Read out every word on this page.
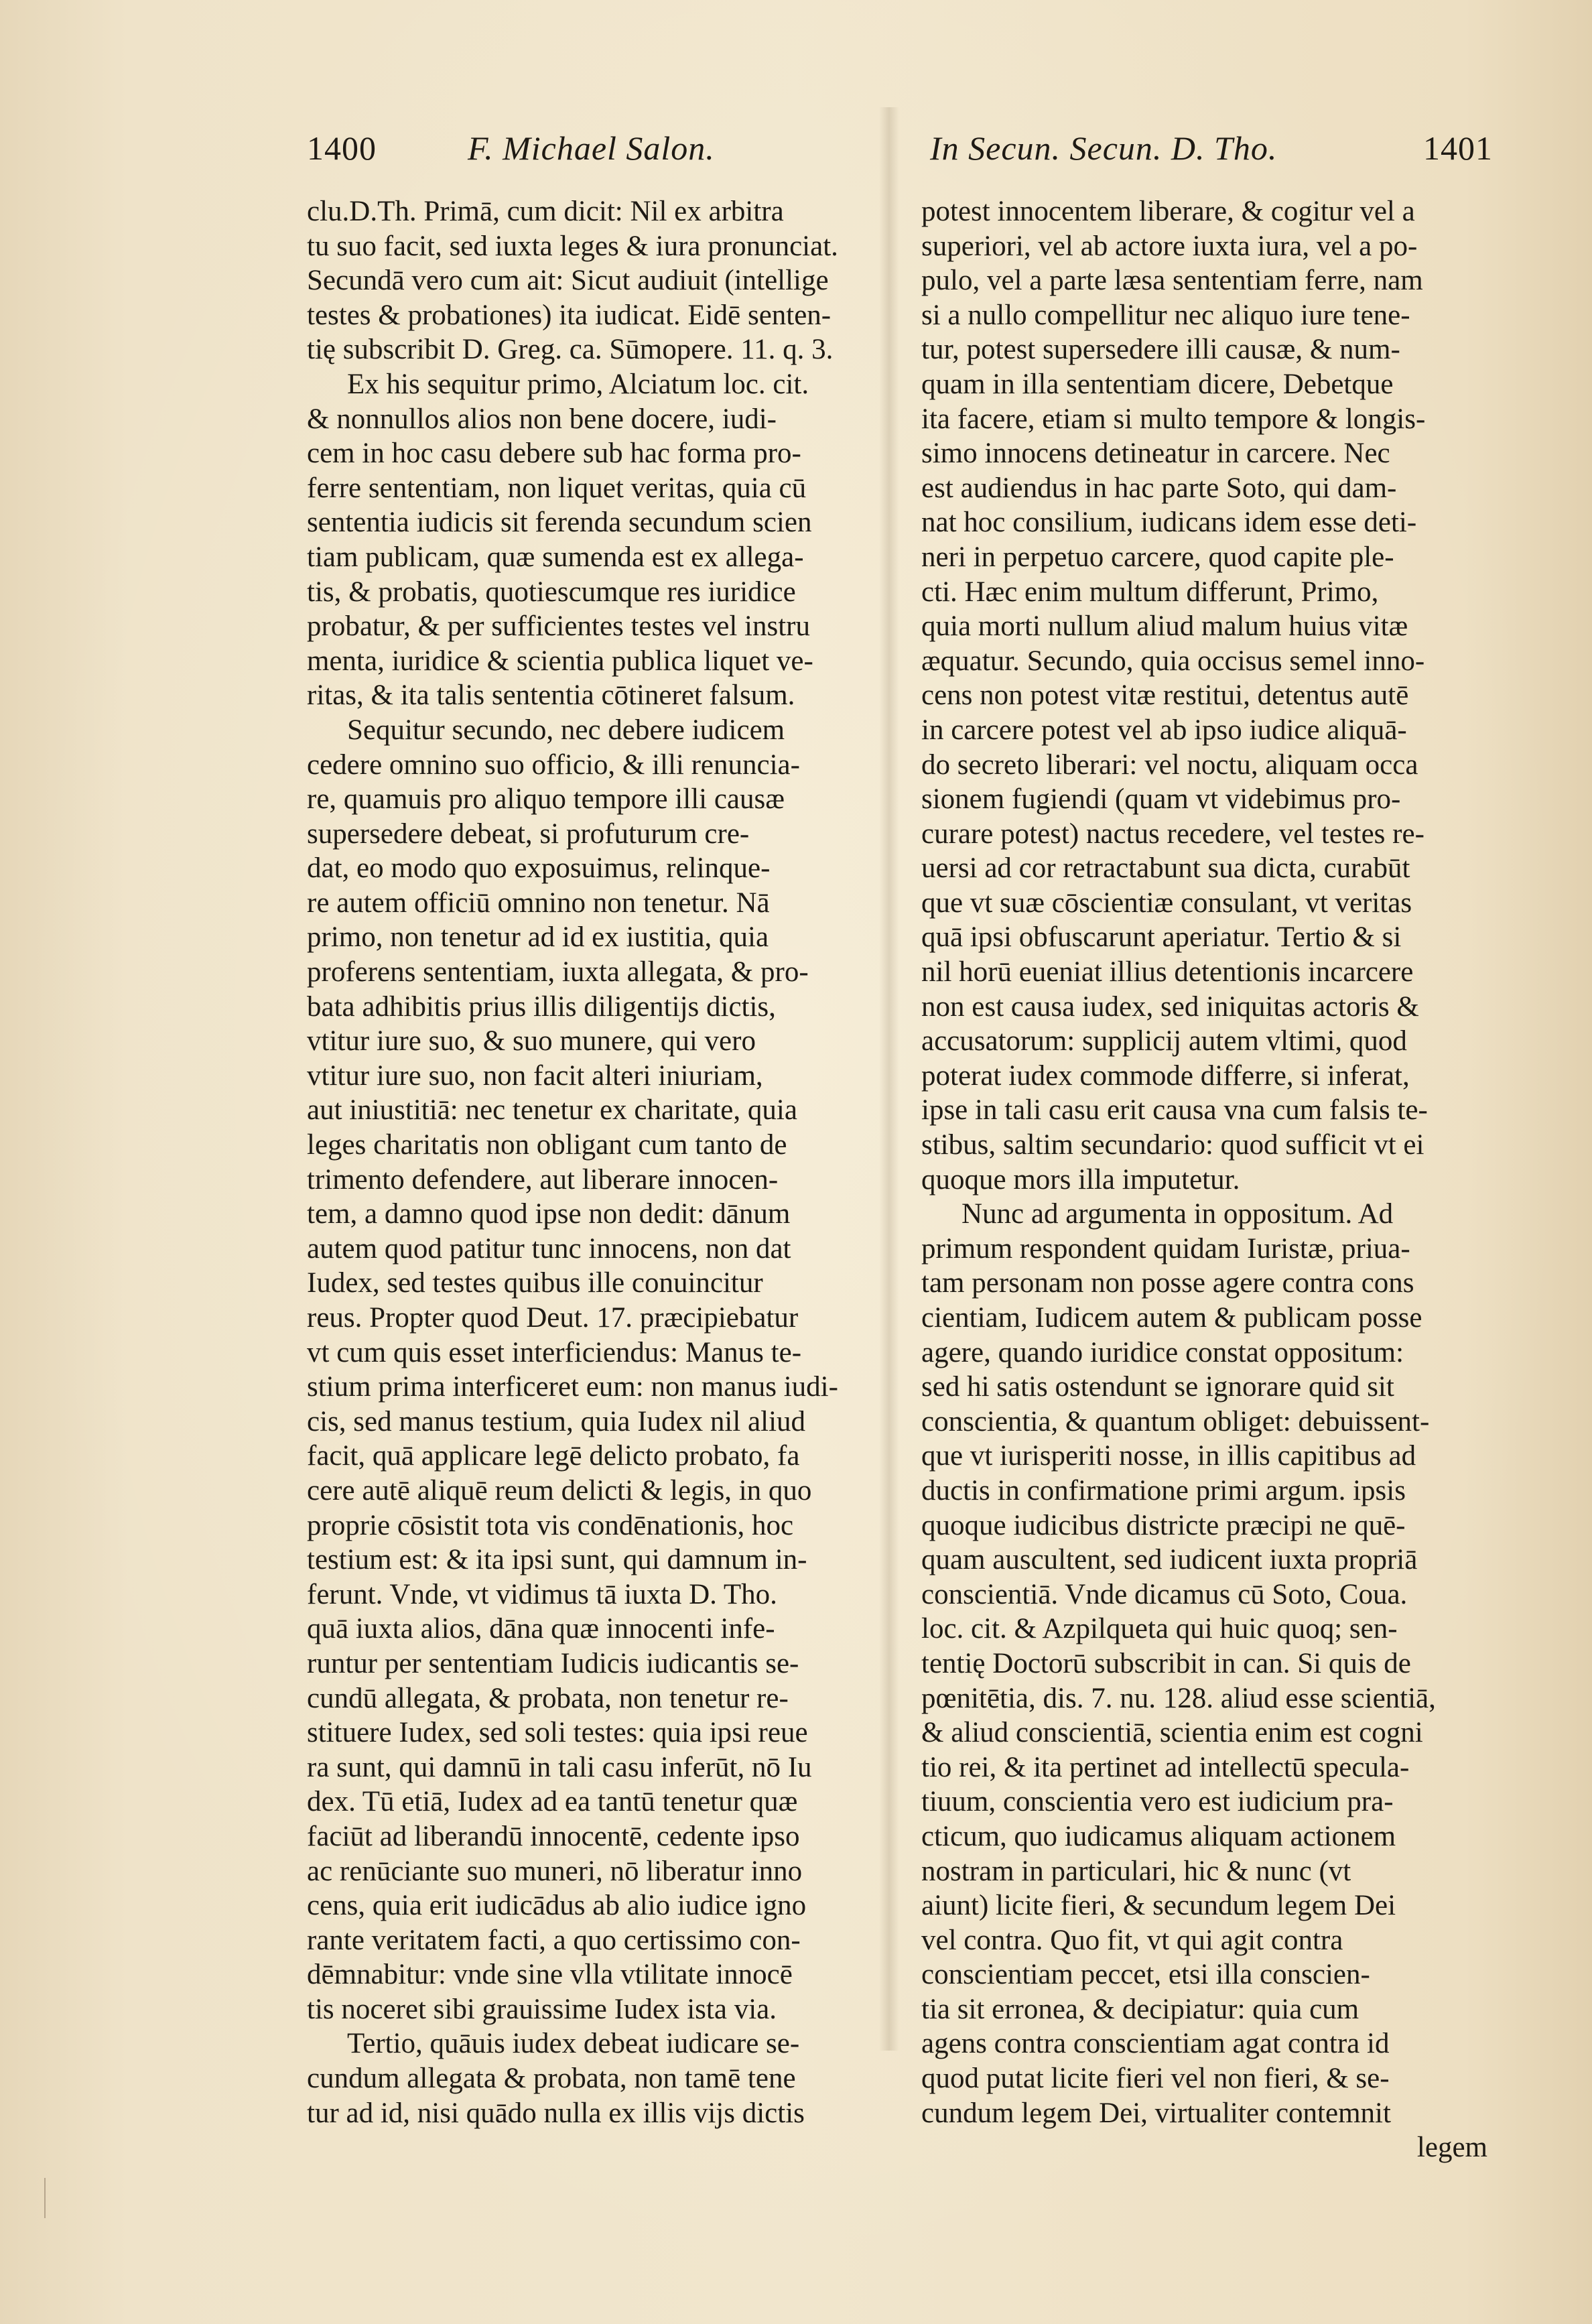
1400	F. Michael Salon.	In Secun. Secun. D. Tho.	1401
clu.D.Th. Primā, cum dicit: Nil ex arbitra
tu suo facit, sed iuxta leges & iura pronunciat.
Secundā vero cum ait: Sicut audiuit (intellige
testes & probationes) ita iudicat. Eidē senten-
tię subscribit D. Greg. ca. Sūmopere. 11. q. 3.
Ex his sequitur primo, Alciatum loc. cit.
& nonnullos alios non bene docere, iudi-
cem in hoc casu debere sub hac forma pro-
ferre sententiam, non liquet veritas, quia cū
sententia iudicis sit ferenda secundum scien
tiam publicam, quæ sumenda est ex allega-
tis, & probatis, quotiescumque res iuridice
probatur, & per sufficientes testes vel instru
menta, iuridice & scientia publica liquet ve-
ritas, & ita talis sententia cōtineret falsum.
Sequitur secundo, nec debere iudicem
cedere omnino suo officio, & illi renuncia-
re, quamuis pro aliquo tempore illi causæ
supersedere debeat, si profuturum cre-
dat, eo modo quo exposuimus, relinque-
re autem officiū omnino non tenetur. Nā
primo, non tenetur ad id ex iustitia, quia
proferens sententiam, iuxta allegata, & pro-
bata adhibitis prius illis diligentijs dictis,
vtitur iure suo, & suo munere, qui vero
vtitur iure suo, non facit alteri iniuriam,
aut iniustitiā: nec tenetur ex charitate, quia
leges charitatis non obligant cum tanto de
trimento defendere, aut liberare innocen-
tem, a damno quod ipse non dedit: dānum
autem quod patitur tunc innocens, non dat
Iudex, sed testes quibus ille conuincitur
reus. Propter quod Deut. 17. præcipiebatur
vt cum quis esset interficiendus: Manus te-
stium prima interficeret eum: non manus iudi-
cis, sed manus testium, quia Iudex nil aliud
facit, quā applicare legē delicto probato, fa
cere autē aliquē reum delicti & legis, in quo
proprie cōsistit tota vis condēnationis, hoc
testium est: & ita ipsi sunt, qui damnum in-
ferunt. Vnde, vt vidimus tā iuxta D. Tho.
quā iuxta alios, dāna quæ innocenti infe-
runtur per sententiam Iudicis iudicantis se-
cundū allegata, & probata, non tenetur re-
stituere Iudex, sed soli testes: quia ipsi reue
ra sunt, qui damnū in tali casu inferūt, nō Iu
dex. Tū etiā, Iudex ad ea tantū tenetur quæ
faciūt ad liberandū innocentē, cedente ipso
ac renūciante suo muneri, nō liberatur inno
cens, quia erit iudicādus ab alio iudice igno
rante veritatem facti, a quo certissimo con-
dēmnabitur: vnde sine vlla vtilitate innocē
tis noceret sibi grauissime Iudex ista via.
Tertio, quāuis iudex debeat iudicare se-
cundum allegata & probata, non tamē tene
tur ad id, nisi quādo nulla ex illis vijs dictis
potest innocentem liberare, & cogitur vel a
superiori, vel ab actore iuxta iura, vel a po-
pulo, vel a parte læsa sententiam ferre, nam
si a nullo compellitur nec aliquo iure tene-
tur, potest supersedere illi causæ, & num-
quam in illa sententiam dicere, Debetque
ita facere, etiam si multo tempore & longis-
simo innocens detineatur in carcere. Nec
est audiendus in hac parte Soto, qui dam-
nat hoc consilium, iudicans idem esse deti-
neri in perpetuo carcere, quod capite ple-
cti. Hæc enim multum differunt, Primo,
quia morti nullum aliud malum huius vitæ
æquatur. Secundo, quia occisus semel inno-
cens non potest vitæ restitui, detentus autē
in carcere potest vel ab ipso iudice aliquā-
do secreto liberari: vel noctu, aliquam occa
sionem fugiendi (quam vt videbimus pro-
curare potest) nactus recedere, vel testes re-
uersi ad cor retractabunt sua dicta, curabūt
que vt suæ cōscientiæ consulant, vt veritas
quā ipsi obfuscarunt aperiatur. Tertio & si
nil horū eueniat illius detentionis incarcere
non est causa iudex, sed iniquitas actoris &
accusatorum: supplicij autem vltimi, quod
poterat iudex commode differre, si inferat,
ipse in tali casu erit causa vna cum falsis te-
stibus, saltim secundario: quod sufficit vt ei
quoque mors illa imputetur.
Nunc ad argumenta in oppositum. Ad
primum respondent quidam Iuristæ, priua-
tam personam non posse agere contra cons
cientiam, Iudicem autem & publicam posse
agere, quando iuridice constat oppositum:
sed hi satis ostendunt se ignorare quid sit
conscientia, & quantum obliget: debuissent-
que vt iurisperiti nosse, in illis capitibus ad
ductis in confirmatione primi argum. ipsis
quoque iudicibus districte præcipi ne quē-
quam auscultent, sed iudicent iuxta propriā
conscientiā. Vnde dicamus cū Soto, Coua.
loc. cit. & Azpilqueta qui huic quoq; sen-
tentię Doctorū subscribit in can. Si quis de
pœnitētia, dis. 7. nu. 128. aliud esse scientiā,
& aliud conscientiā, scientia enim est cogni
tio rei, & ita pertinet ad intellectū specula-
tiuum, conscientia vero est iudicium pra-
cticum, quo iudicamus aliquam actionem
nostram in particulari, hic & nunc (vt
aiunt) licite fieri, & secundum legem Dei
vel contra. Quo fit, vt qui agit contra
conscientiam peccet, etsi illa conscien-
tia sit erronea, & decipiatur: quia cum
agens contra conscientiam agat contra id
quod putat licite fieri vel non fieri, & se-
cundum legem Dei, virtualiter contemnit
legem
